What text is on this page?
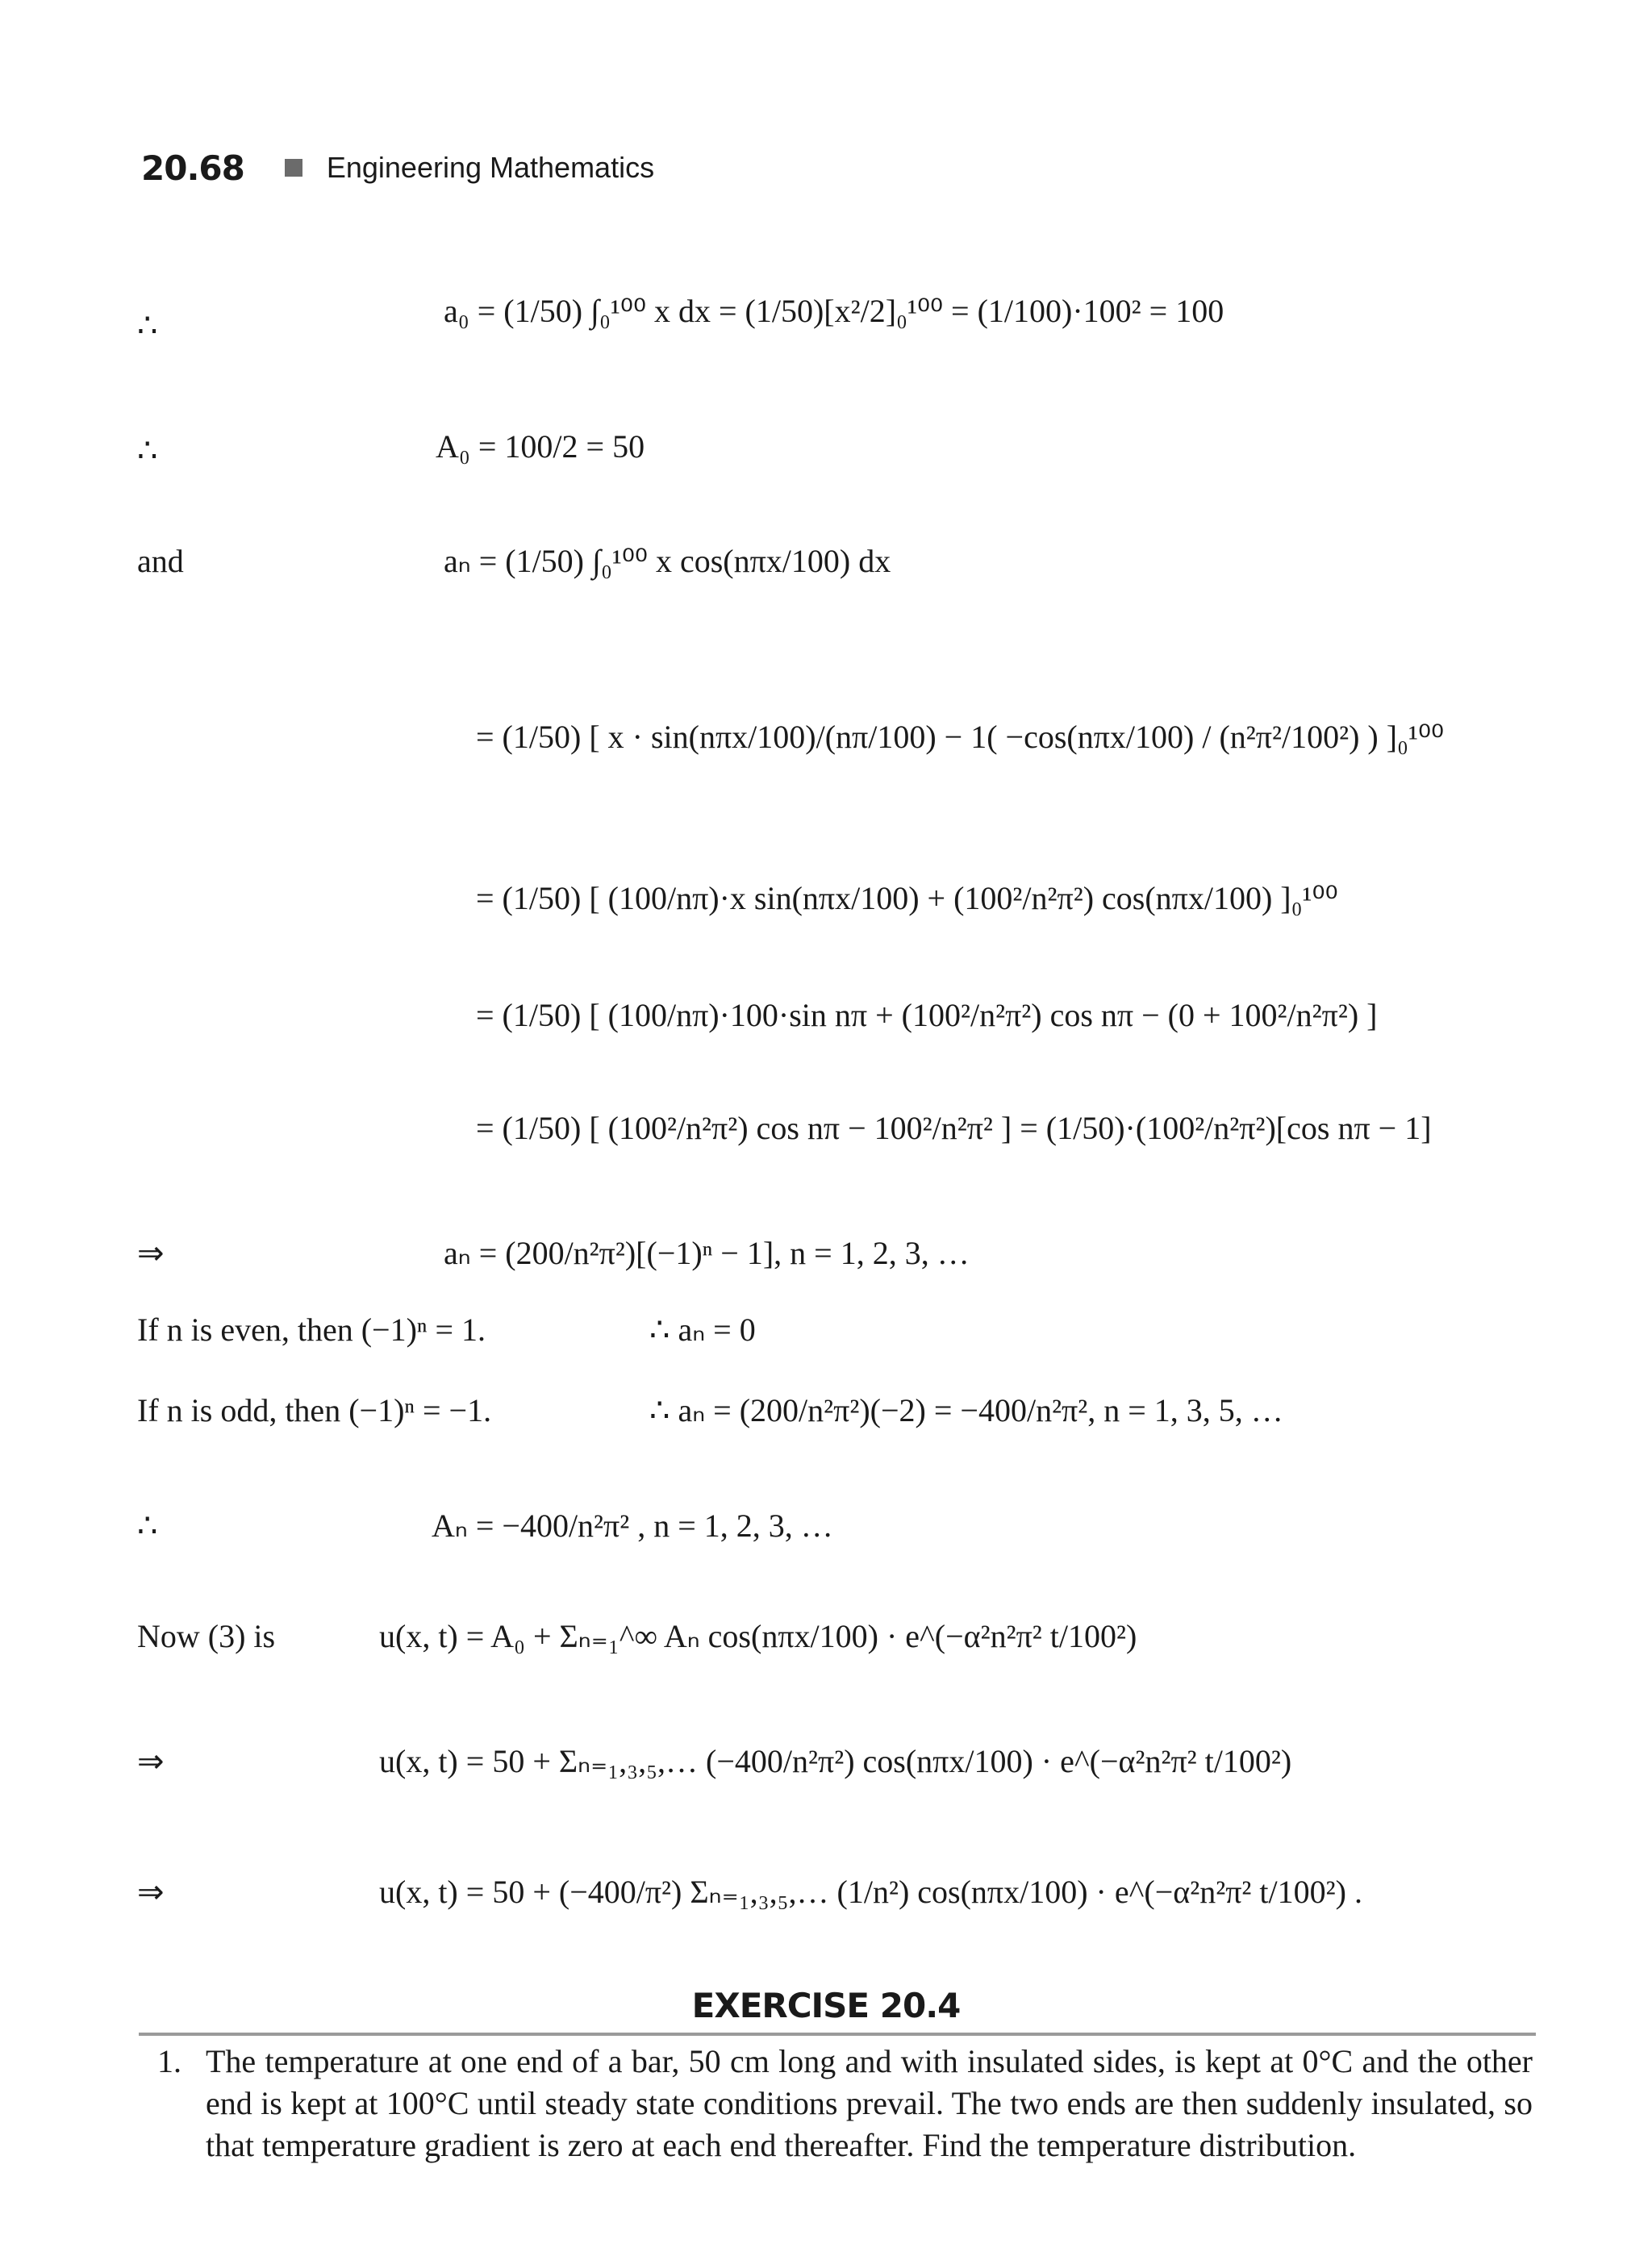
20.68	Engineering Mathematics
∴	a₀ = (1/50) ∫₀¹⁰⁰ x dx = (1/50)[x²/2]₀¹⁰⁰ = (1/100)·100² = 100
∴	A₀ = 100/2 = 50
and	aₙ = (1/50) ∫₀¹⁰⁰ x cos(nπx/100) dx
= (1/50) [ x · sin(nπx/100)/(nπ/100) − 1( −cos(nπx/100) / (n²π²/100²) ) ]₀¹⁰⁰
= (1/50) [ (100/nπ)·x sin(nπx/100) + (100²/n²π²) cos(nπx/100) ]₀¹⁰⁰
= (1/50) [ (100/nπ)·100·sin nπ + (100²/n²π²) cos nπ − (0 + 100²/n²π²) ]
= (1/50) [ (100²/n²π²) cos nπ − 100²/n²π² ] = (1/50)·(100²/n²π²)[cos nπ − 1]
⇒	aₙ = (200/n²π²)[(−1)ⁿ − 1], n = 1, 2, 3, …
If n is even, then (−1)ⁿ = 1.	∴ aₙ = 0
If n is odd, then (−1)ⁿ = −1.	∴ aₙ = (200/n²π²)(−2) = −400/n²π², n = 1, 3, 5, …
∴	Aₙ = −400/n²π² , n = 1, 2, 3, …
Now (3) is	u(x, t) = A₀ + Σₙ₌₁^∞ Aₙ cos(nπx/100) · e^(−α²n²π² t/100²)
⇒	u(x, t) = 50 + Σₙ₌₁,₃,₅,… (−400/n²π²) cos(nπx/100) · e^(−α²n²π² t/100²)
⇒	u(x, t) = 50 + (−400/π²) Σₙ₌₁,₃,₅,… (1/n²) cos(nπx/100) · e^(−α²n²π² t/100²) .
EXERCISE 20.4
1. The temperature at one end of a bar, 50 cm long and with insulated sides, is kept at 0°C and the other end is kept at 100°C until steady state conditions prevail. The two ends are then suddenly insulated, so that temperature gradient is zero at each end thereafter. Find the temperature distribution.
